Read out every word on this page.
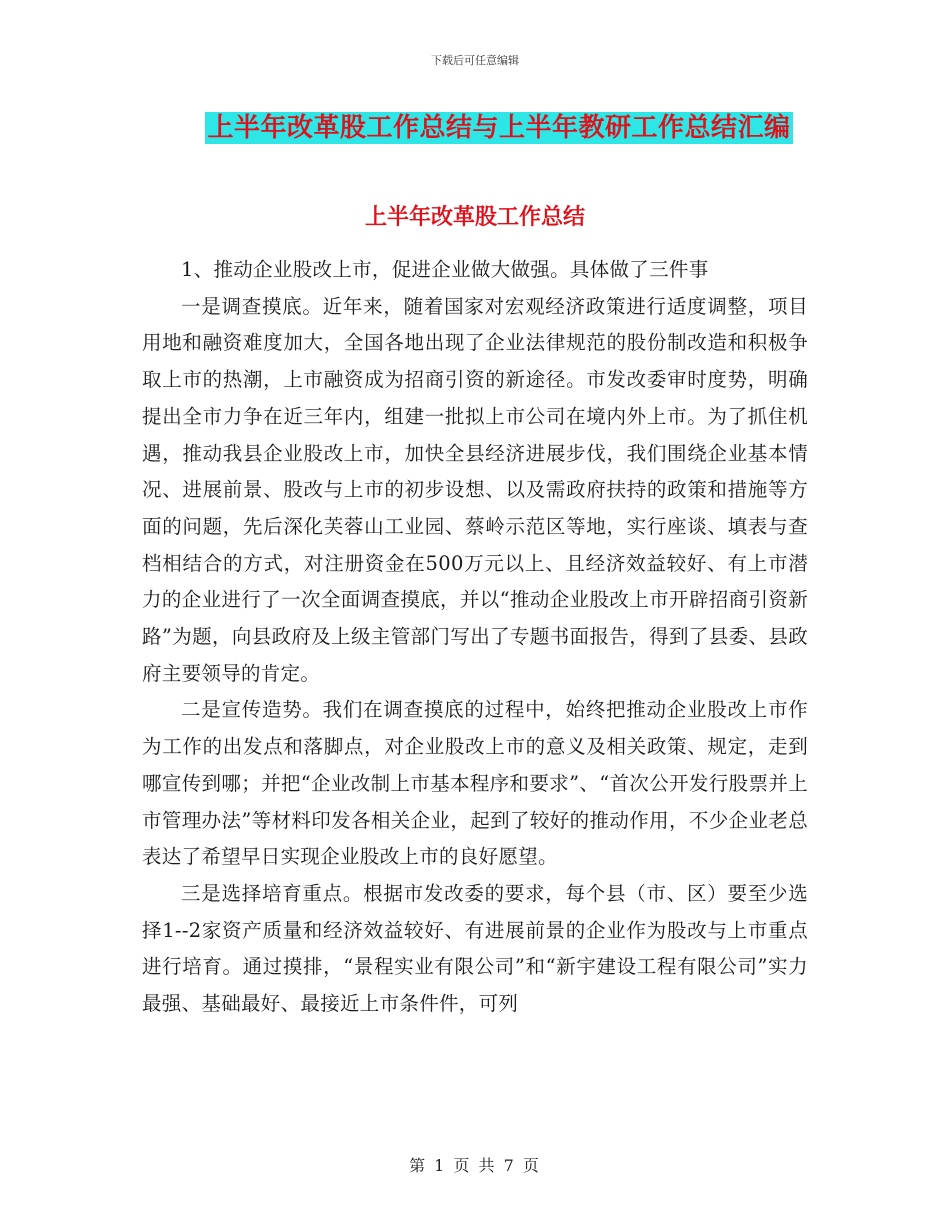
下载后可任意编辑
上半年改革股工作总结与上半年教研工作总结汇编
上半年改革股工作总结

1、推动企业股改上市，促进企业做大做强。具体做了三件事

一是调查摸底。近年来，随着国家对宏观经济政策进行适度调整，项目用地和融资难度加大，全国各地出现了企业法律规范的股份制改造和积极争取上市的热潮，上市融资成为招商引资的新途径。市发改委审时度势，明确提出全市力争在近三年内，组建一批拟上市公司在境内外上市。为了抓住机遇，推动我县企业股改上市，加快全县经济进展步伐，我们围绕企业基本情况、进展前景、股改与上市的初步设想、以及需政府扶持的政策和措施等方面的问题，先后深化芙蓉山工业园、蔡岭示范区等地，实行座谈、填表与查档相结合的方式，对注册资金在500万元以上、且经济效益较好、有上市潜力的企业进行了一次全面调查摸底，并以“推动企业股改上市开辟招商引资新路”为题，向县政府及上级主管部门写出了专题书面报告，得到了县委、县政府主要领导的肯定。

二是宣传造势。我们在调查摸底的过程中，始终把推动企业股改上市作为工作的出发点和落脚点，对企业股改上市的意义及相关政策、规定，走到哪宣传到哪；并把“企业改制上市基本程序和要求”、“首次公开发行股票并上市管理办法”等材料印发各相关企业，起到了较好的推动作用，不少企业老总表达了希望早日实现企业股改上市的良好愿望。

三是选择培育重点。根据市发改委的要求，每个县（市、区）要至少选择1--2家资产质量和经济效益较好、有进展前景的企业作为股改与上市重点进行培育。通过摸排，“景程实业有限公司”和“新宇建设工程有限公司”实力最强、基础最好、最接近上市条件件，可列

第 1 页 共 7 页
